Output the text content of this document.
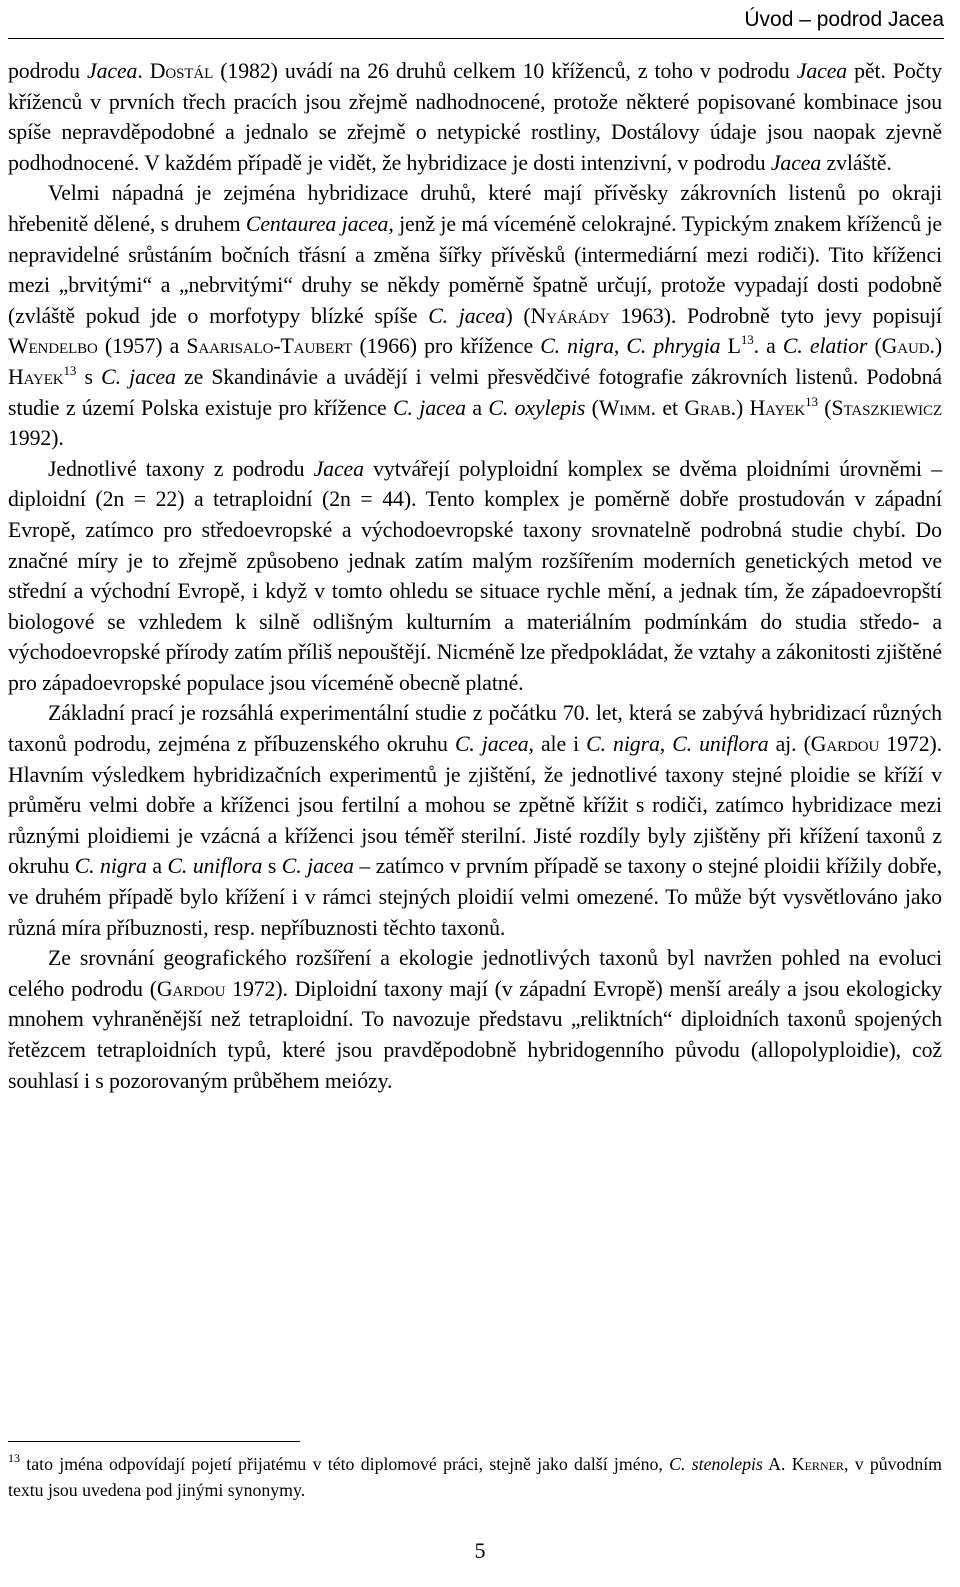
Úvod – podrod Jacea

podrodu Jacea. Dostál (1982) uvádí na 26 druhů celkem 10 kříženců, z toho v podrodu Jacea pět. Počty kříženců v prvních třech pracích jsou zřejmě nadhodnocené, protože některé popisované kombinace jsou spíše nepravděpodobné a jednalo se zřejmě o netypické rostliny, Dostálovy údaje jsou naopak zjevně podhodnocené. V každém případě je vidět, že hybridizace je dosti intenzivní, v podrodu Jacea zvláště.

Velmi nápadná je zejména hybridizace druhů, které mají přívěsky zákrovních listenů po okraji hřebenitě dělené, s druhem Centaurea jacea, jenž je má víceméně celokrajné. Typickým znakem kříženců je nepravidelné srůstáním bočních třásní a změna šířky přívěsků (intermediární mezi rodiči). Tito kříženci mezi „brvitými“ a „nebrvitými“ druhy se někdy poměrně špatně určují, protože vypadají dosti podobně (zvláště pokud jde o morfotypy blízké spíše C. jacea) (Nyárády 1963). Podrobně tyto jevy popisují Wendelbo (1957) a Saarisalo-Taubert (1966) pro křížence C. nigra, C. phrygia $L^{13}$. a C. elatior (Gaud.) Hayek$^{13}$ s C. jacea ze Skandinávie a uvádějí i velmi přesvědčivé fotografie zákrovních listenů. Podobná studie z území Polska existuje pro křížence C. jacea a C. oxylepis (Wimm. et Grab.) Hayek$^{13}$ (Staszkiewicz 1992).

Jednotlivé taxony z podrodu Jacea vytvářejí polyploidní komplex se dvěma ploidními úrovněmi – diploidní (2n = 22) a tetraploidní (2n = 44). Tento komplex je poměrně dobře prostudován v západní Evropě, zatímco pro středoevropské a východoevropské taxony srovnatelně podrobná studie chybí. Do značné míry je to zřejmě způsobeno jednak zatím malým rozšířením moderních genetických metod ve střední a východní Evropě, i když v tomto ohledu se situace rychle mění, a jednak tím, že západoevropští biologové se vzhledem k silně odlišným kulturním a materiálním podmínkám do studia středo- a východoevropské přírody zatím příliš nepouštějí. Nicméně lze předpokládat, že vztahy a zákonitosti zjištěné pro západoevropské populace jsou víceméně obecně platné.

Základní prací je rozsáhlá experimentální studie z počátku 70. let, která se zabývá hybridizací různých taxonů podrodu, zejména z příbuzenského okruhu C. jacea, ale i C. nigra, C. uniflora aj. (Gardou 1972). Hlavním výsledkem hybridizačních experimentů je zjištění, že jednotlivé taxony stejné ploidie se kříží v průměru velmi dobře a kříženci jsou fertilní a mohou se zpětně křížit s rodiči, zatímco hybridizace mezi různými ploidiemi je vzácná a kříženci jsou téměř sterilní. Jisté rozdíly byly zjištěny při křížení taxonů z okruhu C. nigra a C. uniflora s C. jacea – zatímco v prvním případě se taxony o stejné ploidii křížily dobře, ve druhém případě bylo křížení i v rámci stejných ploidií velmi omezené. To může být vysvětlováno jako různá míra příbuznosti, resp. nepříbuznosti těchto taxonů.

Ze srovnání geografického rozšíření a ekologie jednotlivých taxonů byl navržen pohled na evoluci celého podrodu (Gardou 1972). Diploidní taxony mají (v západní Evropě) menší areály a jsou ekologicky mnohem vyhraněnější než tetraploidní. To navozuje představu „reliktních“ diploidních taxonů spojených řetězcem tetraploidních typů, které jsou pravděpodobně hybridogenního původu (allopolyploidie), což souhlasí i s pozorovaným průběhem meiózy.

$^{13}$ tato jména odpovídají pojetí přijatému v této diplomové práci, stejně jako další jméno, C. stenolepis A. Kerner, v původním textu jsou uvedena pod jinými synonymy.
5
